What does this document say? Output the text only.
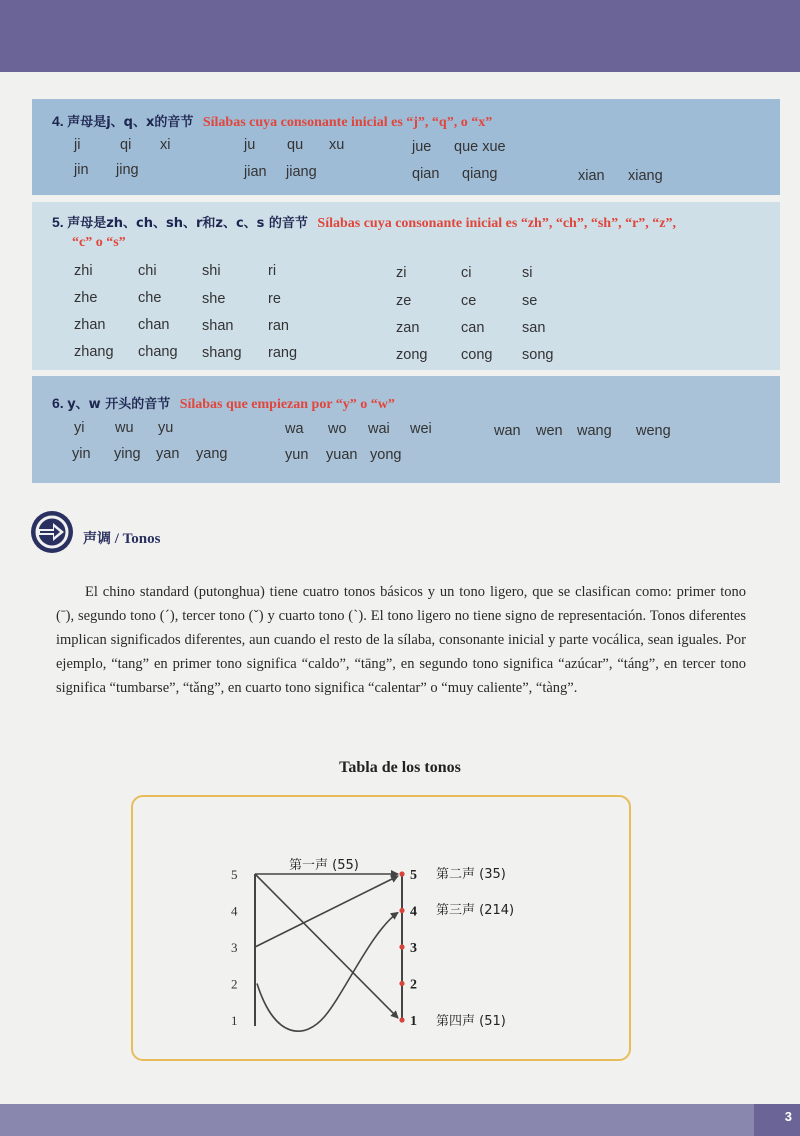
4. 声母是j、q、x的音节 Sílabas cuya consonante inicial es “j”, “q”, o “x”
ji	qi xi	ju qu xu	jue que xue
jin jing	jian jiang	qian qiang	xian xiang
5. 声母是zh、ch、sh、r和z、c、s 的音节 Sílabas cuya consonante inicial es “zh”, “ch”, “sh”, “r”, “z”,
“c” o “s”
zhi	chi	shi	ri	zi	ci	si
zhe	che	she	re	ze	ce	se
zhan chan shan ran	zan	can	san
zhang chang shang rang	zong cong song
6. y、w 开头的音节 Sílabas que empiezan por “y” o “w”
yi wu yu	wa wo wai wei	wan wen wang weng
yin ying yan yang	yun yuan yong
声调 / Tonos
El chino standard (putonghua) tiene cuatro tonos básicos y un tono ligero, que se clasifican como: primer tono (ˉ), segundo tono (ˊ), tercer tono (ˇ) y cuarto tono (ˋ). El tono ligero no tiene signo de representación. Tonos diferentes implican significados diferentes, aun cuando el resto de la sílaba, consonante inicial y parte vocálica, sean iguales. Por ejemplo, “tang” en primer tono significa “caldo”, “tāng”, en segundo tono significa “azúcar”, “táng”, en tercer tono significa “tumbarse”, “tǎng”, en cuarto tono significa “calentar” o “muy caliente”, “tàng”.
Tabla de los tonos
5
4
3
2
1
5
4
3
2
1
第一声 (55)
第二声 (35)
第三声 (214)
第四声 (51)
3
